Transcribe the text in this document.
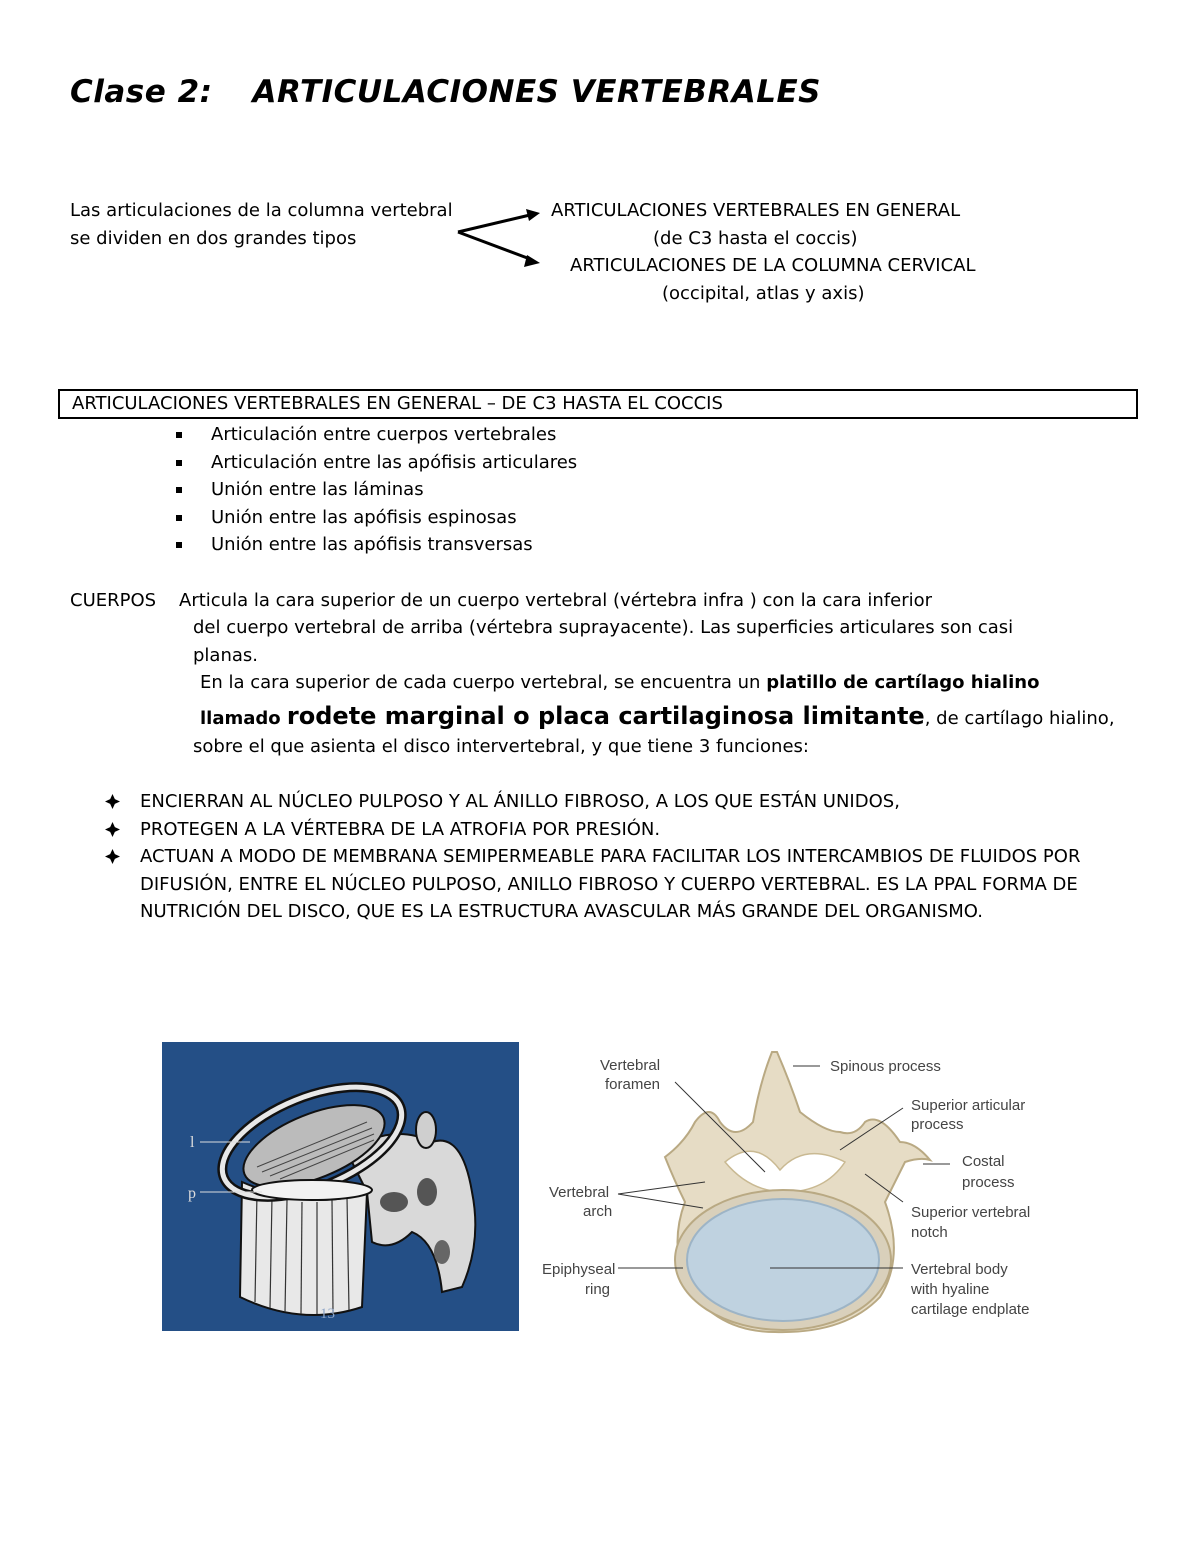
Clase 2: ARTICULACIONES VERTEBRALES
Las articulaciones de la columna vertebral
se dividen en dos grandes tipos
ARTICULACIONES VERTEBRALES EN GENERAL
(de C3 hasta el coccis)
ARTICULACIONES DE LA COLUMNA CERVICAL
(occipital, atlas y axis)
ARTICULACIONES VERTEBRALES EN GENERAL – DE C3 HASTA EL COCCIS
Articulación entre cuerpos vertebrales
Articulación entre las apófisis articulares
Unión entre las láminas
Unión entre las apófisis espinosas
Unión entre las apófisis transversas
CUERPOS Articula la cara superior de un cuerpo vertebral (vértebra infra ) con la cara inferior
del cuerpo vertebral de arriba (vértebra suprayacente). Las superficies articulares son casi
planas.
En la cara superior de cada cuerpo vertebral, se encuentra un platillo de cartílago hialino
llamado rodete marginal o placa cartilaginosa limitante, de cartílago hialino,
sobre el que asienta el disco intervertebral, y que tiene 3 funciones:
ENCIERRAN AL NÚCLEO PULPOSO Y AL ÁNILLO FIBROSO, A LOS QUE ESTÁN UNIDOS,
PROTEGEN A LA VÉRTEBRA DE LA ATROFIA POR PRESIÓN.
ACTUAN A MODO DE MEMBRANA SEMIPERMEABLE PARA FACILITAR LOS INTERCAMBIOS DE FLUIDOS POR DIFUSIÓN, ENTRE EL NÚCLEO PULPOSO, ANILLO FIBROSO Y CUERPO VERTEBRAL. ES LA PPAL FORMA DE NUTRICIÓN DEL DISCO, QUE ES LA ESTRUCTURA AVASCULAR MÁS GRANDE DEL ORGANISMO.
l
p
13
Vertebral
foramen
Spinous process
Superior articular
process
Costal
process
Vertebral
arch	Superior vertebral
notch
Epiphyseal
ring
Vertebral body
with hyaline
cartilage endplate
